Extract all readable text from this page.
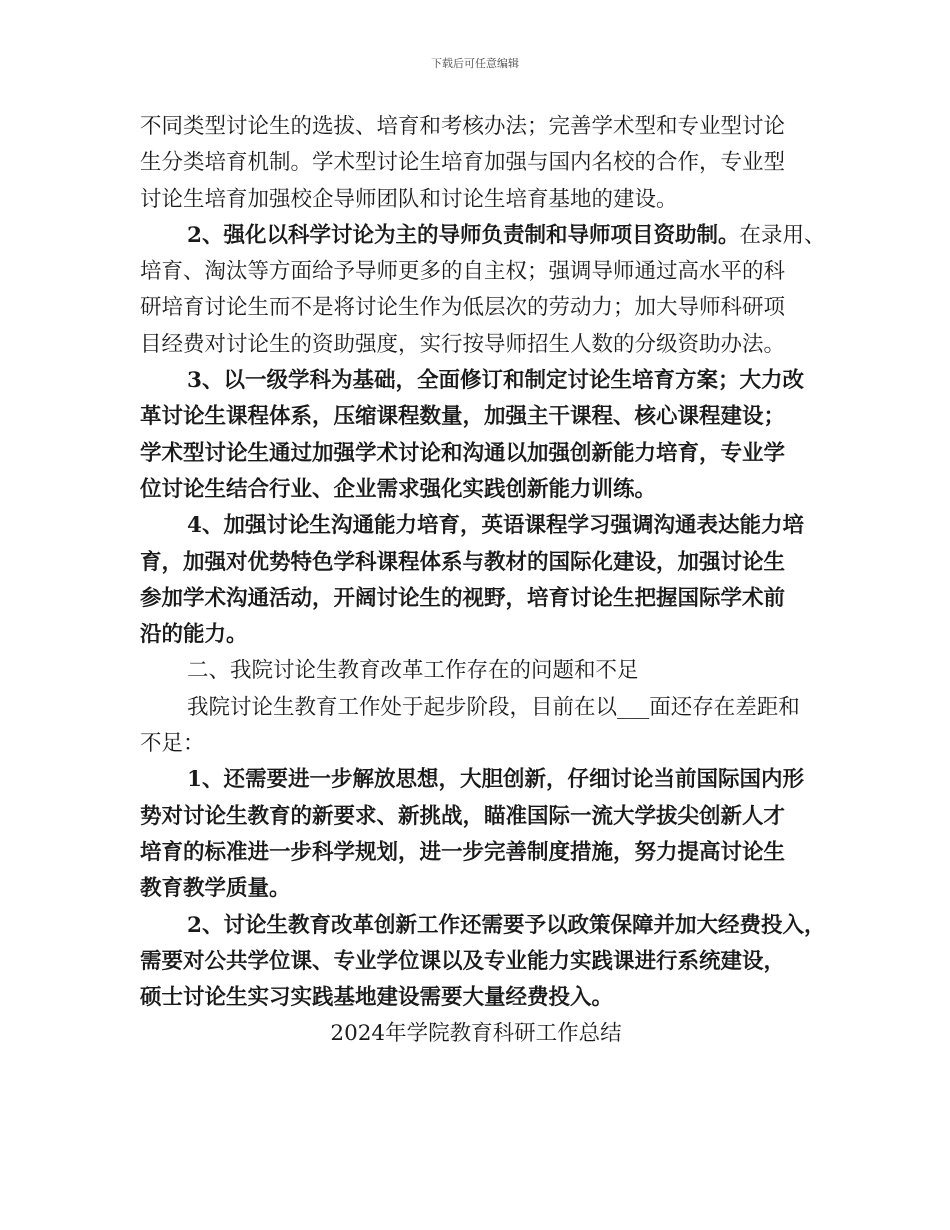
下载后可任意编辑
不同类型讨论生的选拔、培育和考核办法；完善学术型和专业型讨论
生分类培育机制。学术型讨论生培育加强与国内名校的合作，专业型
讨论生培育加强校企导师团队和讨论生培育基地的建设。
2、强化以科学讨论为主的导师负责制和导师项目资助制。在录用、
培育、淘汰等方面给予导师更多的自主权；强调导师通过高水平的科
研培育讨论生而不是将讨论生作为低层次的劳动力；加大导师科研项
目经费对讨论生的资助强度，实行按导师招生人数的分级资助办法。
3、以一级学科为基础，全面修订和制定讨论生培育方案；大力改
革讨论生课程体系，压缩课程数量，加强主干课程、核心课程建设；
学术型讨论生通过加强学术讨论和沟通以加强创新能力培育，专业学
位讨论生结合行业、企业需求强化实践创新能力训练。
4、加强讨论生沟通能力培育，英语课程学习强调沟通表达能力培
育，加强对优势特色学科课程体系与教材的国际化建设，加强讨论生
参加学术沟通活动，开阔讨论生的视野，培育讨论生把握国际学术前
沿的能力。
二、我院讨论生教育改革工作存在的问题和不足
我院讨论生教育工作处于起步阶段，目前在以___面还存在差距和
不足：
1、还需要进一步解放思想，大胆创新，仔细讨论当前国际国内形
势对讨论生教育的新要求、新挑战，瞄准国际一流大学拔尖创新人才
培育的标准进一步科学规划，进一步完善制度措施，努力提高讨论生
教育教学质量。
2、讨论生教育改革创新工作还需要予以政策保障并加大经费投入，
需要对公共学位课、专业学位课以及专业能力实践课进行系统建设，
硕士讨论生实习实践基地建设需要大量经费投入。
2024年学院教育科研工作总结
